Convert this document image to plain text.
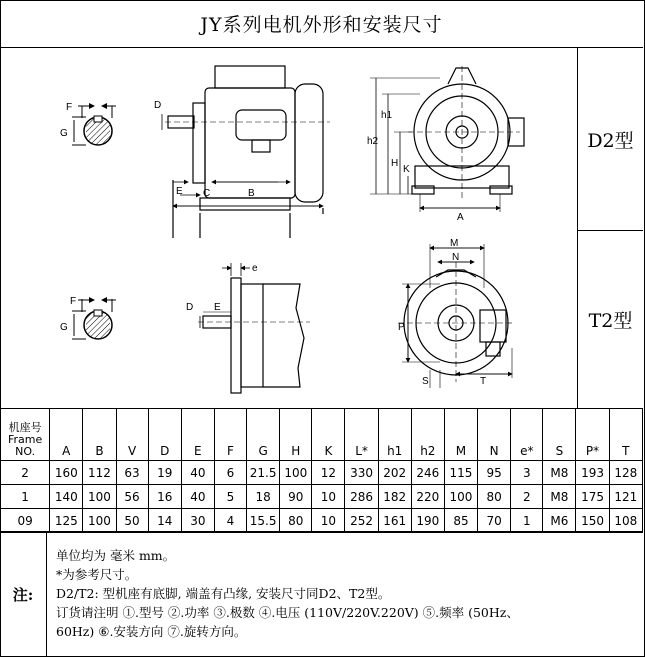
JY系列电机外形和安装尺寸
F
G
D
E	B
C
h2
h1
H
K
A
F
G
e
D E
M
N
P
S	T
D2型
T2型
机座号
Frame
NO.	A	B	V	D	E	F	G	H	K	L*	h1	h2	M	N	e*	S	P*	T
2	160	112	63	19	40	6	21.5	100	12	330	202	246	115	95	3	M8	193	128
1	140	100	56	16	40	5	18	90	10	286	182	220	100	80	2	M8	175	121
09	125	100	50	14	30	4	15.5	80	10	252	161	190	85	70	1	M6	150	108
注:
单位均为 毫米 mm。
*为参考尺寸。
D2/T2: 型机座有底脚, 端盖有凸缘, 安装尺寸同D2、T2型。
订货请注明 ①.型号 ②.功率 ③.极数 ④.电压 (110V/220V.220V) ⑤.频率 (50Hz、
60Hz) ⑥.安装方向 ⑦.旋转方向。
